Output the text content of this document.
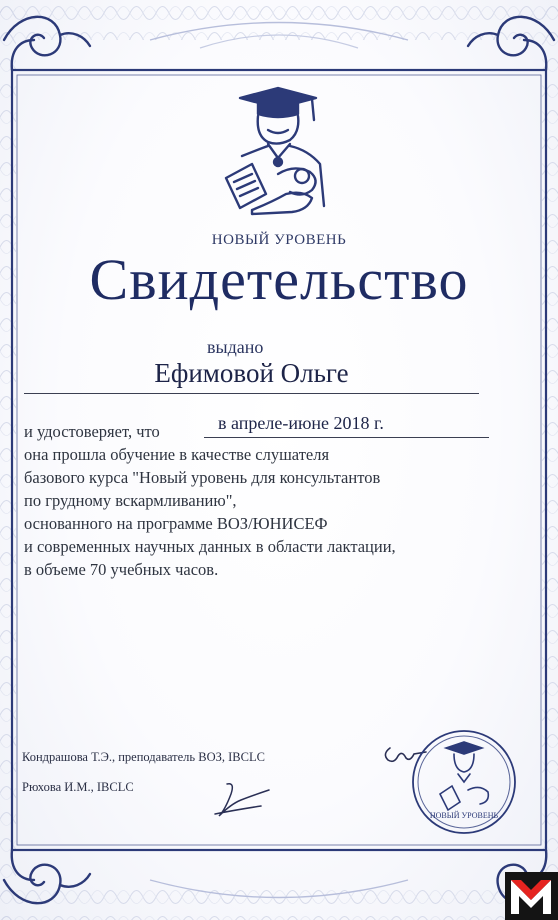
НОВЫЙ УРОВЕНЬ
Свидетельство
выдано
Ефимовой Ольге
в апреле-июне 2018 г.
и удостоверяет, что
она прошла обучение в качестве слушателя
базового курса "Новый уровень для консультантов
по грудному вскармливанию",
основанного на программе ВОЗ/ЮНИСЕФ
и современных научных данных в области лактации,
в объеме 70 учебных часов.
Кондрашова Т.Э., преподаватель ВОЗ, IBCLC
Рюхова И.М., IBCLC
НОВЫЙ УРОВЕНЬ
